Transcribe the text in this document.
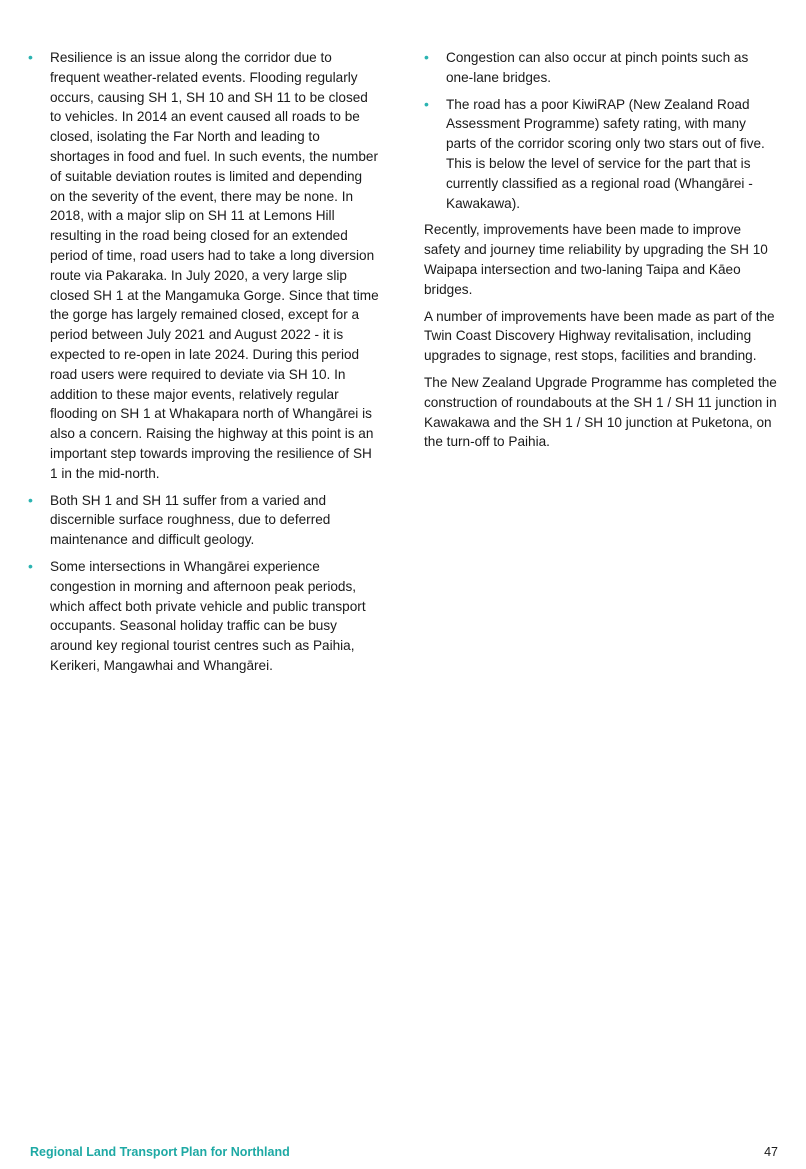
• Resilience is an issue along the corridor due to frequent weather-related events. Flooding regularly occurs, causing SH 1, SH 10 and SH 11 to be closed to vehicles. In 2014 an event caused all roads to be closed, isolating the Far North and leading to shortages in food and fuel. In such events, the number of suitable deviation routes is limited and depending on the severity of the event, there may be none. In 2018, with a major slip on SH 11 at Lemons Hill resulting in the road being closed for an extended period of time, road users had to take a long diversion route via Pakaraka. In July 2020, a very large slip closed SH 1 at the Mangamuka Gorge. Since that time the gorge has largely remained closed, except for a period between July 2021 and August 2022 - it is expected to re-open in late 2024. During this period road users were required to deviate via SH 10. In addition to these major events, relatively regular flooding on SH 1 at Whakapara north of Whangārei is also a concern. Raising the highway at this point is an important step towards improving the resilience of SH 1 in the mid-north.
• Both SH 1 and SH 11 suffer from a varied and discernible surface roughness, due to deferred maintenance and difficult geology.
• Some intersections in Whangārei experience congestion in morning and afternoon peak periods, which affect both private vehicle and public transport occupants. Seasonal holiday traffic can be busy around key regional tourist centres such as Paihia, Kerikeri, Mangawhai and Whangārei.
• Congestion can also occur at pinch points such as one-lane bridges.
• The road has a poor KiwiRAP (New Zealand Road Assessment Programme) safety rating, with many parts of the corridor scoring only two stars out of five. This is below the level of service for the part that is currently classified as a regional road (Whangārei - Kawakawa).

Recently, improvements have been made to improve safety and journey time reliability by upgrading the SH 10 Waipapa intersection and two-laning Taipa and Kāeo bridges.

A number of improvements have been made as part of the Twin Coast Discovery Highway revitalisation, including upgrades to signage, rest stops, facilities and branding.

The New Zealand Upgrade Programme has completed the construction of roundabouts at the SH 1 / SH 11 junction in Kawakawa and the SH 1 / SH 10 junction at Puketona, on the turn-off to Paihia.

Regional Land Transport Plan for Northland	47
